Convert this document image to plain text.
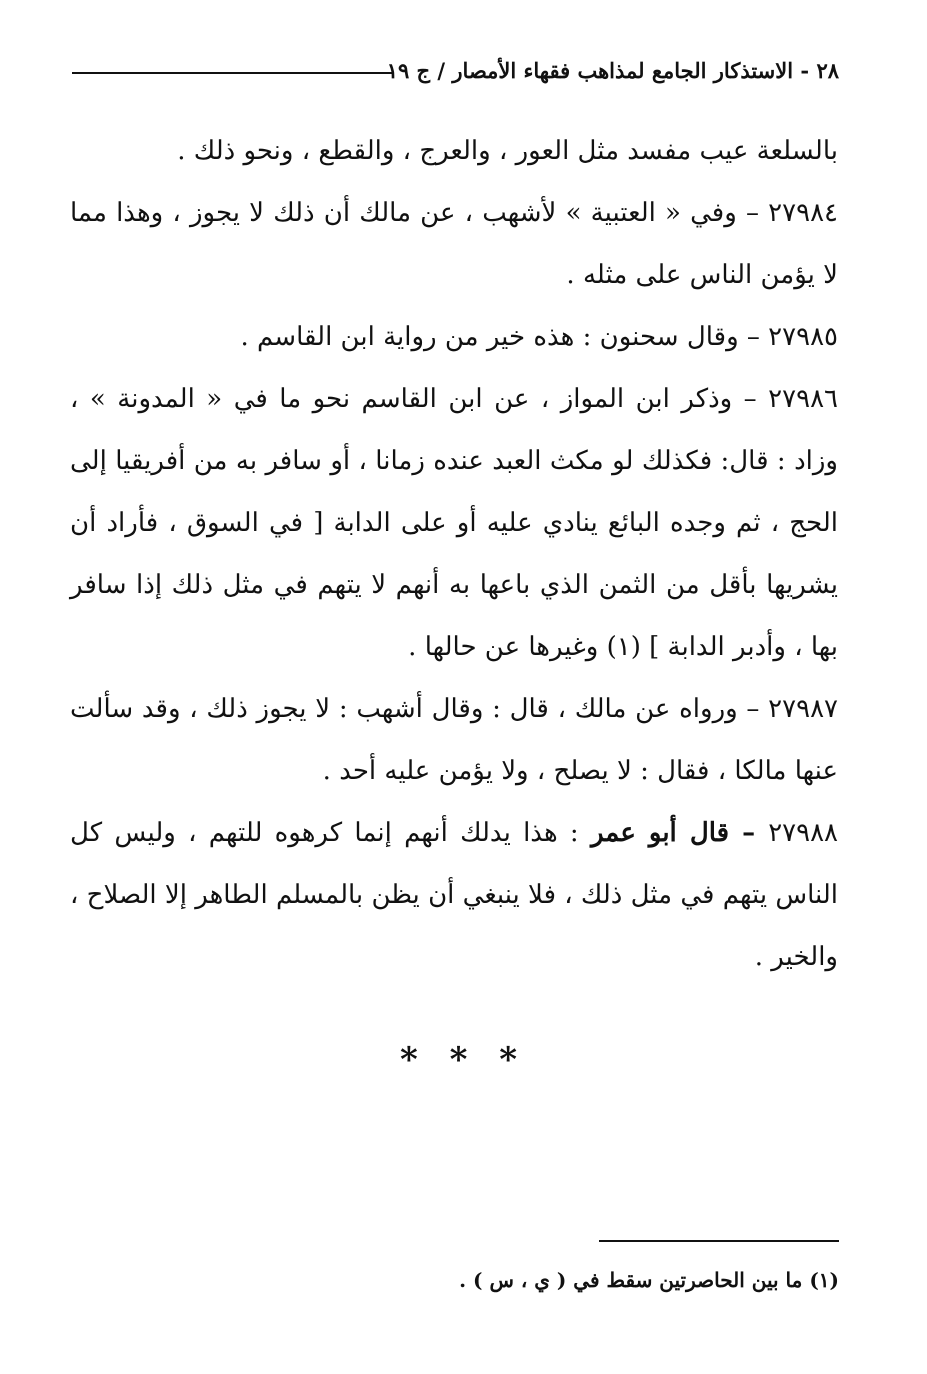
٢٨ - الاستذكار الجامع لمذاهب فقهاء الأمصار / ج ١٩

بالسلعة عيب مفسد مثل العور ، والعرج ، والقطع ، ونحو ذلك .

٢٧٩٨٤ – وفي « العتبية » لأشهب ، عن مالك أن ذلك لا يجوز ، وهذا مما لا يؤمن الناس على مثله .

٢٧٩٨٥ – وقال سحنون : هذه خير من رواية ابن القاسم .

٢٧٩٨٦ – وذكر ابن المواز ، عن ابن القاسم نحو ما في « المدونة » ، وزاد : قال: فكذلك لو مكث العبد عنده زمانا ، أو سافر به من أفريقيا إلى الحج ، ثم وجده البائع ينادي عليه أو على الدابة [ في السوق ، فأراد أن يشريها بأقل من الثمن الذي باعها به أنهم لا يتهم في مثل ذلك إذا سافر بها ، وأدبر الدابة ] (١) وغيرها عن حالها .

٢٧٩٨٧ – ورواه عن مالك ، قال : وقال أشهب : لا يجوز ذلك ، وقد سألت عنها مالكا ، فقال : لا يصلح ، ولا يؤمن عليه أحد .

٢٧٩٨٨ – قال أبو عمر : هذا يدلك أنهم إنما كرهوه للتهم ، وليس كل الناس يتهم في مثل ذلك ، فلا ينبغي أن يظن بالمسلم الطاهر إلا الصلاح ، والخير .

* * *
(١) ما بين الحاصرتين سقط في ( ي ، س ) .
